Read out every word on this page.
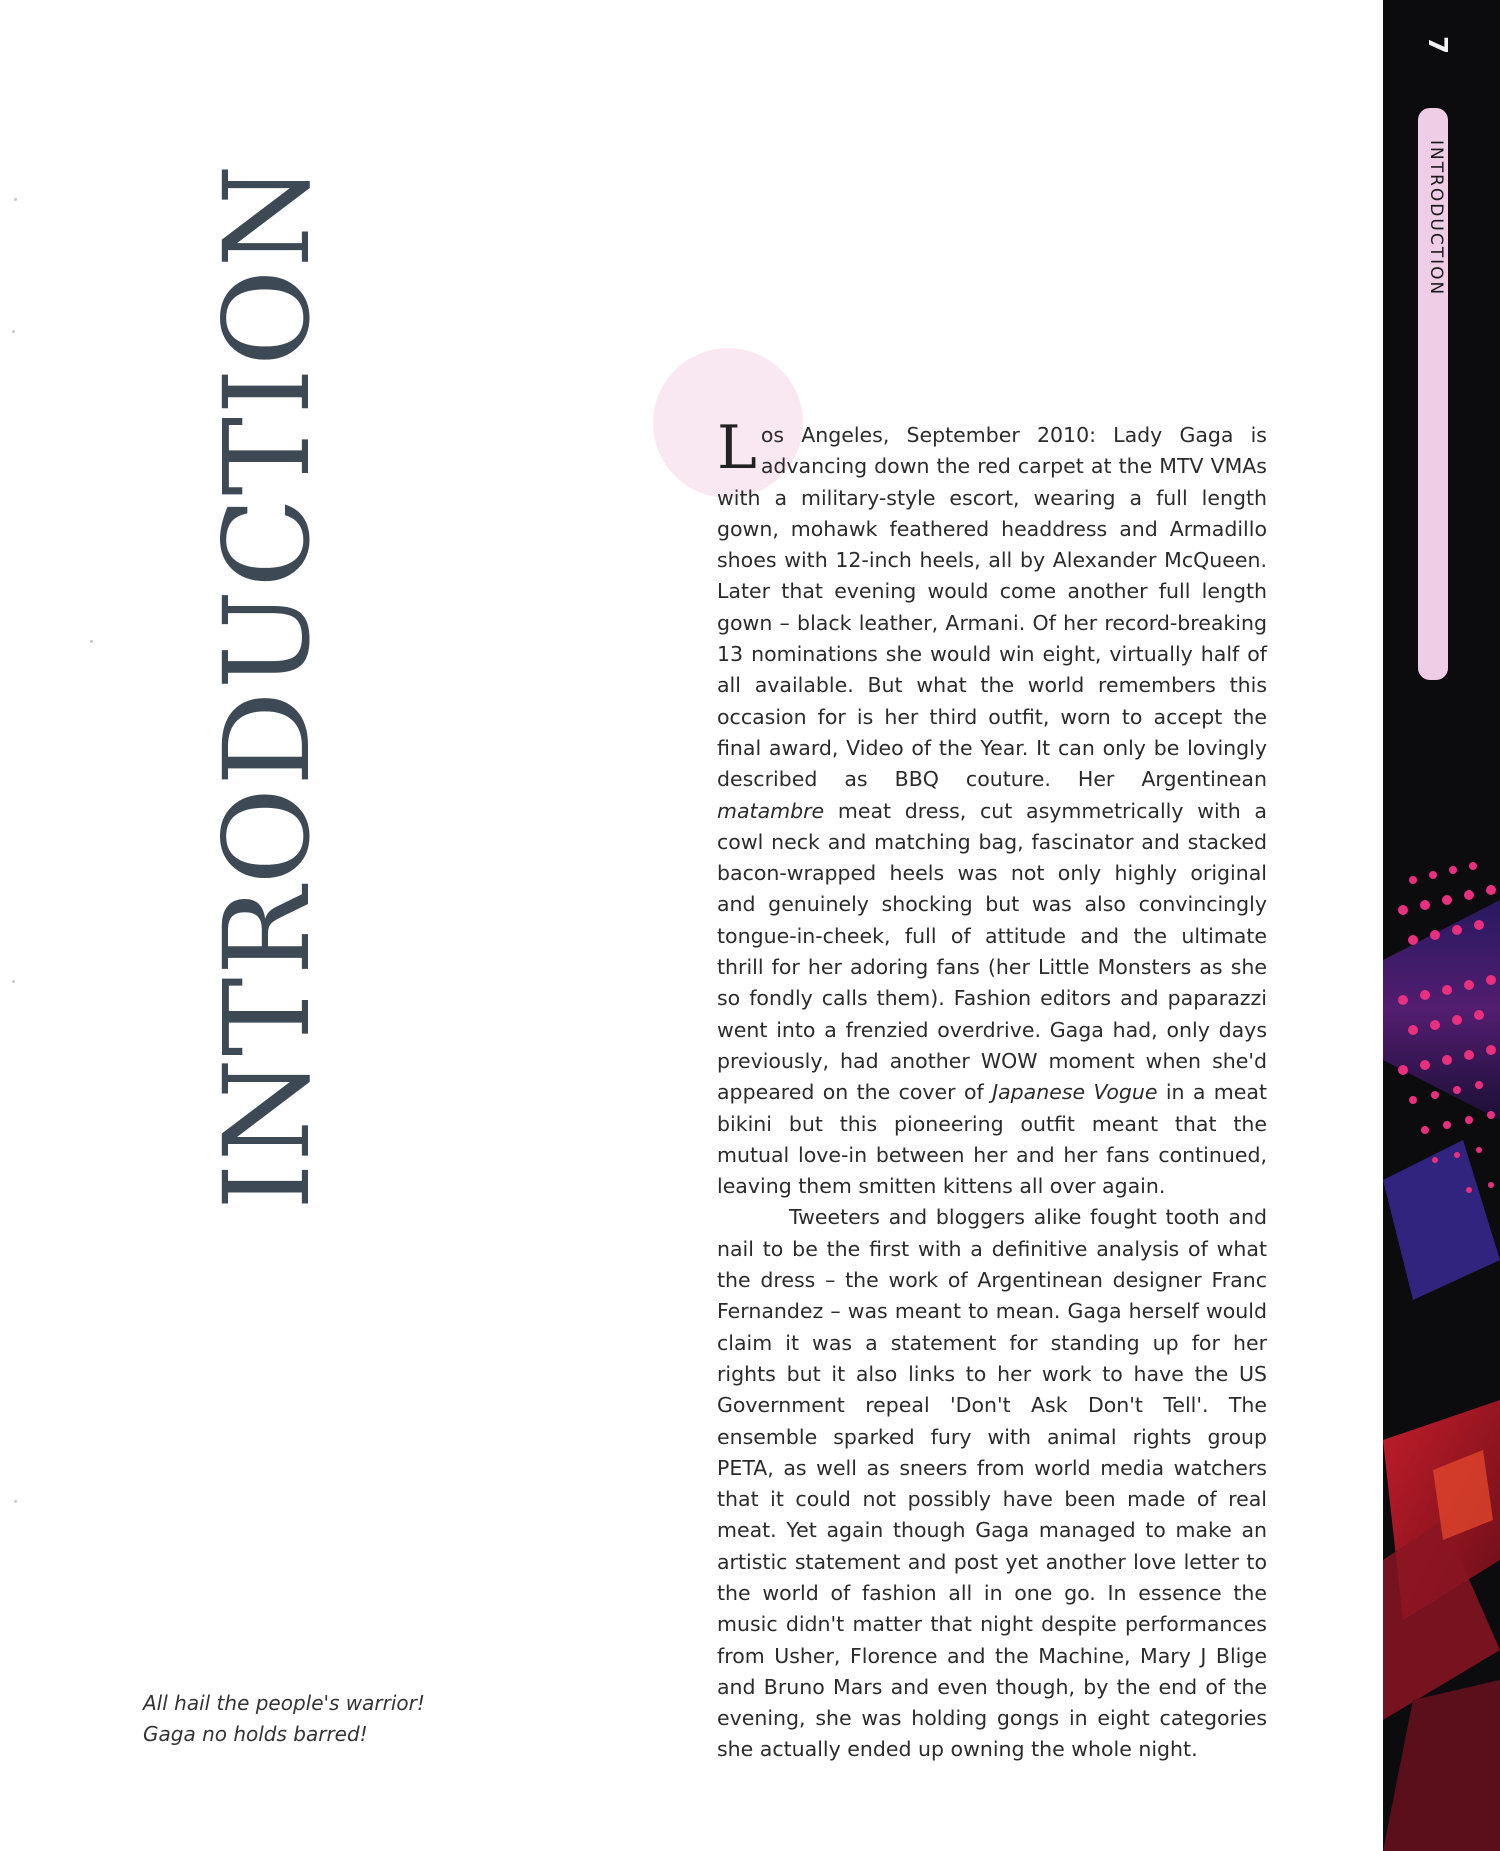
INTRODUCTION	Los Angeles, September 2010: Lady Gaga is advancing down the red carpet at the MTV VMAs with a military-style escort, wearing a full length gown, mohawk feathered headdress and Armadillo shoes with 12-inch heels, all by Alexander McQueen. Later that evening would come another full length gown – black leather, Armani. Of her record-breaking 13 nominations she would win eight, virtually half of all available. But what the world remembers this occasion for is her third outfit, worn to accept the final award, Video of the Year. It can only be lovingly described as BBQ couture. Her Argentinean matambre meat dress, cut asymmetrically with a cowl neck and matching bag, fascinator and stacked bacon-wrapped heels was not only highly original and genuinely shocking but was also convincingly tongue-in-cheek, full of attitude and the ultimate thrill for her adoring fans (her Little Monsters as she so fondly calls them). Fashion editors and paparazzi went into a frenzied overdrive. Gaga had, only days previously, had another WOW moment when she'd appeared on the cover of Japanese Vogue in a meat bikini but this pioneering outfit meant that the mutual love-in between her and her fans continued, leaving them smitten kittens all over again.

Tweeters and bloggers alike fought tooth and nail to be the first with a definitive analysis of what the dress – the work of Argentinean designer Franc Fernandez – was meant to mean. Gaga herself would claim it was a statement for standing up for her rights but it also links to her work to have the US Government repeal 'Don't Ask Don't Tell'. The ensemble sparked fury with animal rights group PETA, as well as sneers from world media watchers that it could not possibly have been made of real meat. Yet again though Gaga managed to make an artistic statement and post yet another love letter to the world of fashion all in one go. In essence the music didn't matter that night despite performances from Usher, Florence and the Machine, Mary J Blige and Bruno Mars and even though, by the end of the evening, she was holding gongs in eight categories she actually ended up owning the whole night.

All hail the people's warrior!
Gaga no holds barred!
INTRODUCTION
7
